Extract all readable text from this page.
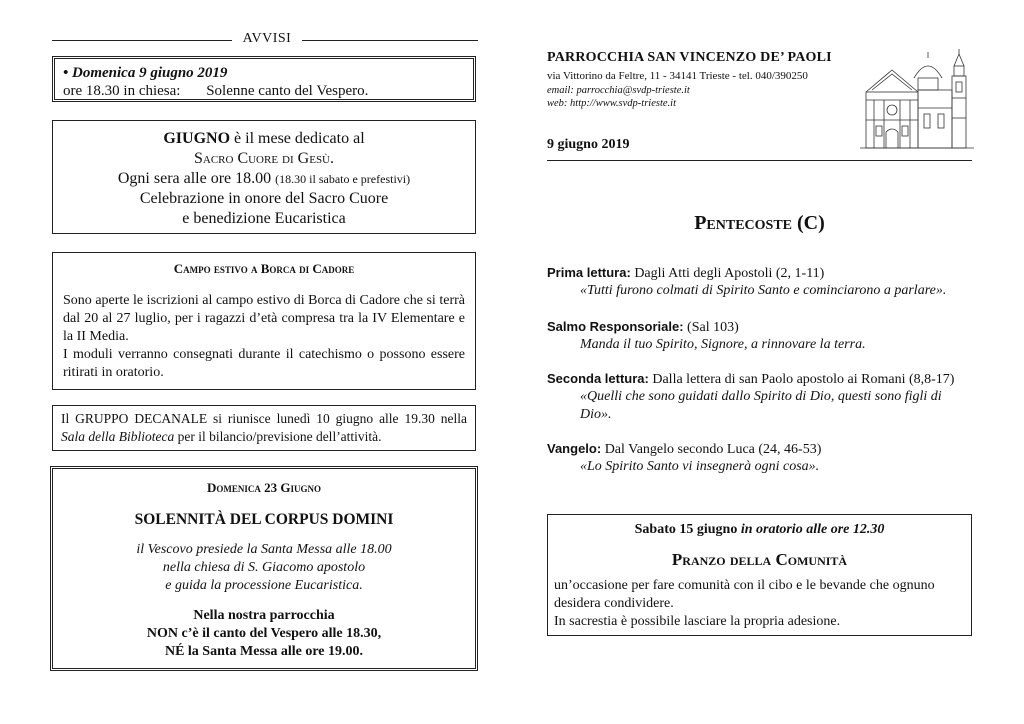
AVVISI

• Domenica 9 giugno 2019

ore 18.30 in chiesa: Solenne canto del Vespero.

GIUGNO è il mese dedicato al

Sacro Cuore di Gesù.

Ogni sera alle ore 18.00 (18.30 il sabato e prefestivi)

Celebrazione in onore del Sacro Cuore

e benedizione Eucaristica

Campo estivo a Borca di Cadore

Sono aperte le iscrizioni al campo estivo di Borca di Cadore che si terrà dal 20 al 27 luglio, per i ragazzi d’età compresa tra la IV Elementare e la II Media.

I moduli verranno consegnati durante il catechismo o possono essere ritirati in oratorio.

Il GRUPPO DECANALE si riunisce lunedì 10 giugno alle 19.30 nella Sala della Biblioteca per il bilancio/previsione dell’attività.

Domenica 23 Giugno

SOLENNITÀ DEL CORPUS DOMINI

il Vescovo presiede la Santa Messa alle 18.00

nella chiesa di S. Giacomo apostolo

e guida la processione Eucaristica.

Nella nostra parrocchia

NON c’è il canto del Vespero alle 18.30,

NÉ la Santa Messa alle ore 19.00.

PARROCCHIA SAN VINCENZO DE’ PAOLI
via Vittorino da Feltre, 11 - 34141 Trieste - tel. 040/390250
email: parrocchia@svdp-trieste.it
web: http://www.svdp-trieste.it
9 giugno 2019
Pentecoste (C)
Prima lettura: Dagli Atti degli Apostoli (2, 1-11)
«Tutti furono colmati di Spirito Santo e cominciarono a parlare».
Salmo Responsoriale: (Sal 103)
Manda il tuo Spirito, Signore, a rinnovare la terra.
Seconda lettura: Dalla lettera di san Paolo apostolo ai Romani (8,8-17)
«Quelli che sono guidati dallo Spirito di Dio, questi sono figli di Dio».
Vangelo: Dal Vangelo secondo Luca (24, 46-53)
«Lo Spirito Santo vi insegnerà ogni cosa».

Sabato 15 giugno in oratorio alle ore 12.30

Pranzo della Comunità

un’occasione per fare comunità con il cibo e le bevande che ognuno desidera condividere.

In sacrestia è possibile lasciare la propria adesione.
